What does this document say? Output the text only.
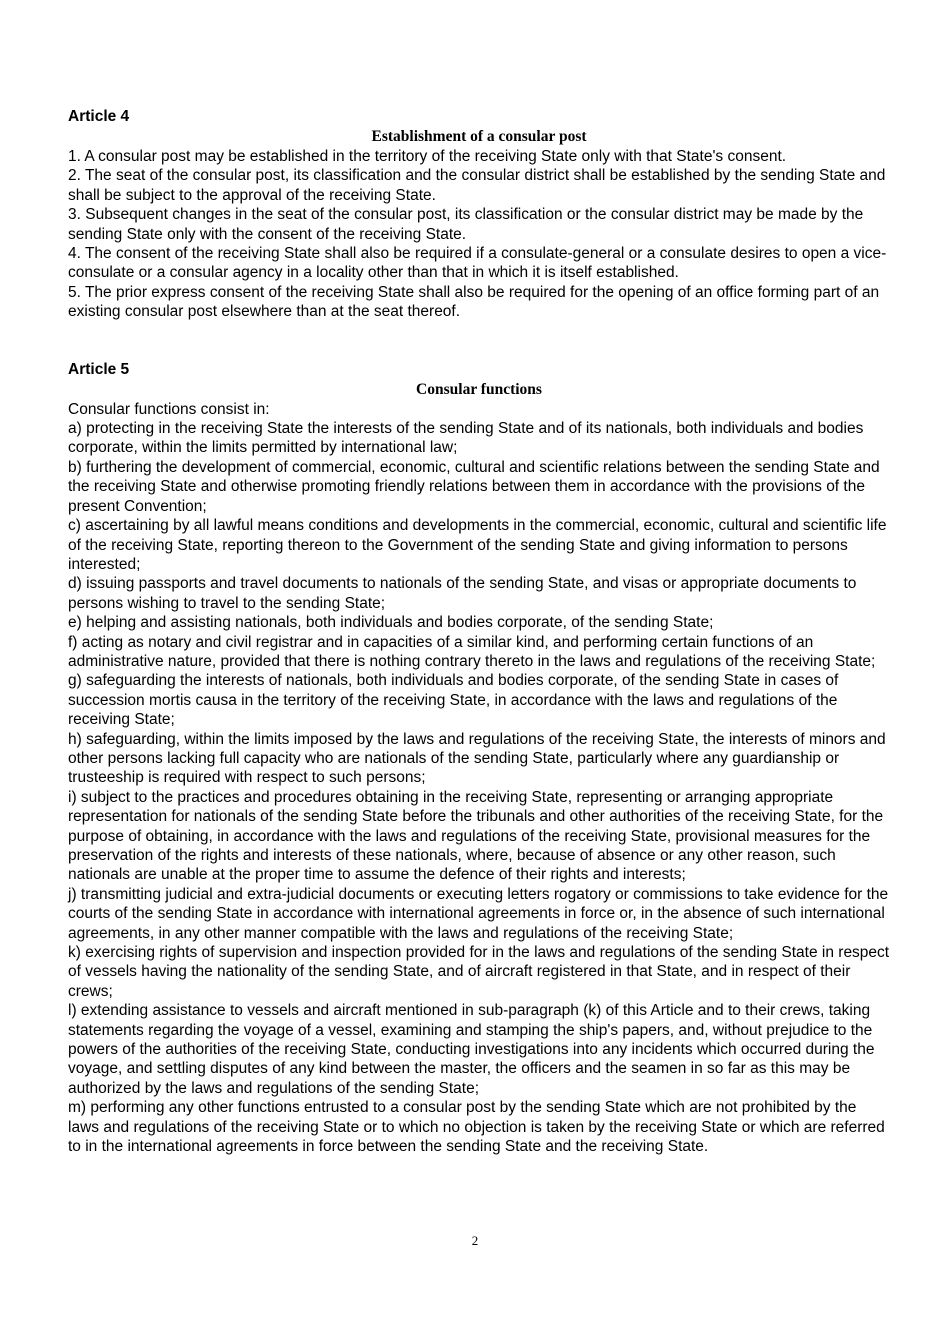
Article 4

Establishment of a consular post

1. A consular post may be established in the territory of the receiving State only with that State's consent.

2. The seat of the consular post, its classification and the consular district shall be established by the sending State and shall be subject to the approval of the receiving State.

3. Subsequent changes in the seat of the consular post, its classification or the consular district may be made by the sending State only with the consent of the receiving State.

4. The consent of the receiving State shall also be required if a consulate-general or a consulate desires to open a vice-consulate or a consular agency in a locality other than that in which it is itself established.

5. The prior express consent of the receiving State shall also be required for the opening of an office forming part of an existing consular post elsewhere than at the seat thereof.

Article 5

Consular functions

Consular functions consist in:

a) protecting in the receiving State the interests of the sending State and of its nationals, both individuals and bodies corporate, within the limits permitted by international law;

b) furthering the development of commercial, economic, cultural and scientific relations between the sending State and the receiving State and otherwise promoting friendly relations between them in accordance with the provisions of the present Convention;

c) ascertaining by all lawful means conditions and developments in the commercial, economic, cultural and scientific life of the receiving State, reporting thereon to the Government of the sending State and giving information to persons interested;

d) issuing passports and travel documents to nationals of the sending State, and visas or appropriate documents to persons wishing to travel to the sending State;

e) helping and assisting nationals, both individuals and bodies corporate, of the sending State;

f) acting as notary and civil registrar and in capacities of a similar kind, and performing certain functions of an administrative nature, provided that there is nothing contrary thereto in the laws and regulations of the receiving State;

g) safeguarding the interests of nationals, both individuals and bodies corporate, of the sending State in cases of succession mortis causa in the territory of the receiving State, in accordance with the laws and regulations of the receiving State;

h) safeguarding, within the limits imposed by the laws and regulations of the receiving State, the interests of minors and other persons lacking full capacity who are nationals of the sending State, particularly where any guardianship or trusteeship is required with respect to such persons;

i) subject to the practices and procedures obtaining in the receiving State, representing or arranging appropriate representation for nationals of the sending State before the tribunals and other authorities of the receiving State, for the purpose of obtaining, in accordance with the laws and regulations of the receiving State, provisional measures for the preservation of the rights and interests of these nationals, where, because of absence or any other reason, such nationals are unable at the proper time to assume the defence of their rights and interests;

j) transmitting judicial and extra-judicial documents or executing letters rogatory or commissions to take evidence for the courts of the sending State in accordance with international agreements in force or, in the absence of such international agreements, in any other manner compatible with the laws and regulations of the receiving State;

k) exercising rights of supervision and inspection provided for in the laws and regulations of the sending State in respect of vessels having the nationality of the sending State, and of aircraft registered in that State, and in respect of their crews;

l) extending assistance to vessels and aircraft mentioned in sub-paragraph (k) of this Article and to their crews, taking statements regarding the voyage of a vessel, examining and stamping the ship's papers, and, without prejudice to the powers of the authorities of the receiving State, conducting investigations into any incidents which occurred during the voyage, and settling disputes of any kind between the master, the officers and the seamen in so far as this may be authorized by the laws and regulations of the sending State;

m) performing any other functions entrusted to a consular post by the sending State which are not prohibited by the laws and regulations of the receiving State or to which no objection is taken by the receiving State or which are referred to in the international agreements in force between the sending State and the receiving State.

2
